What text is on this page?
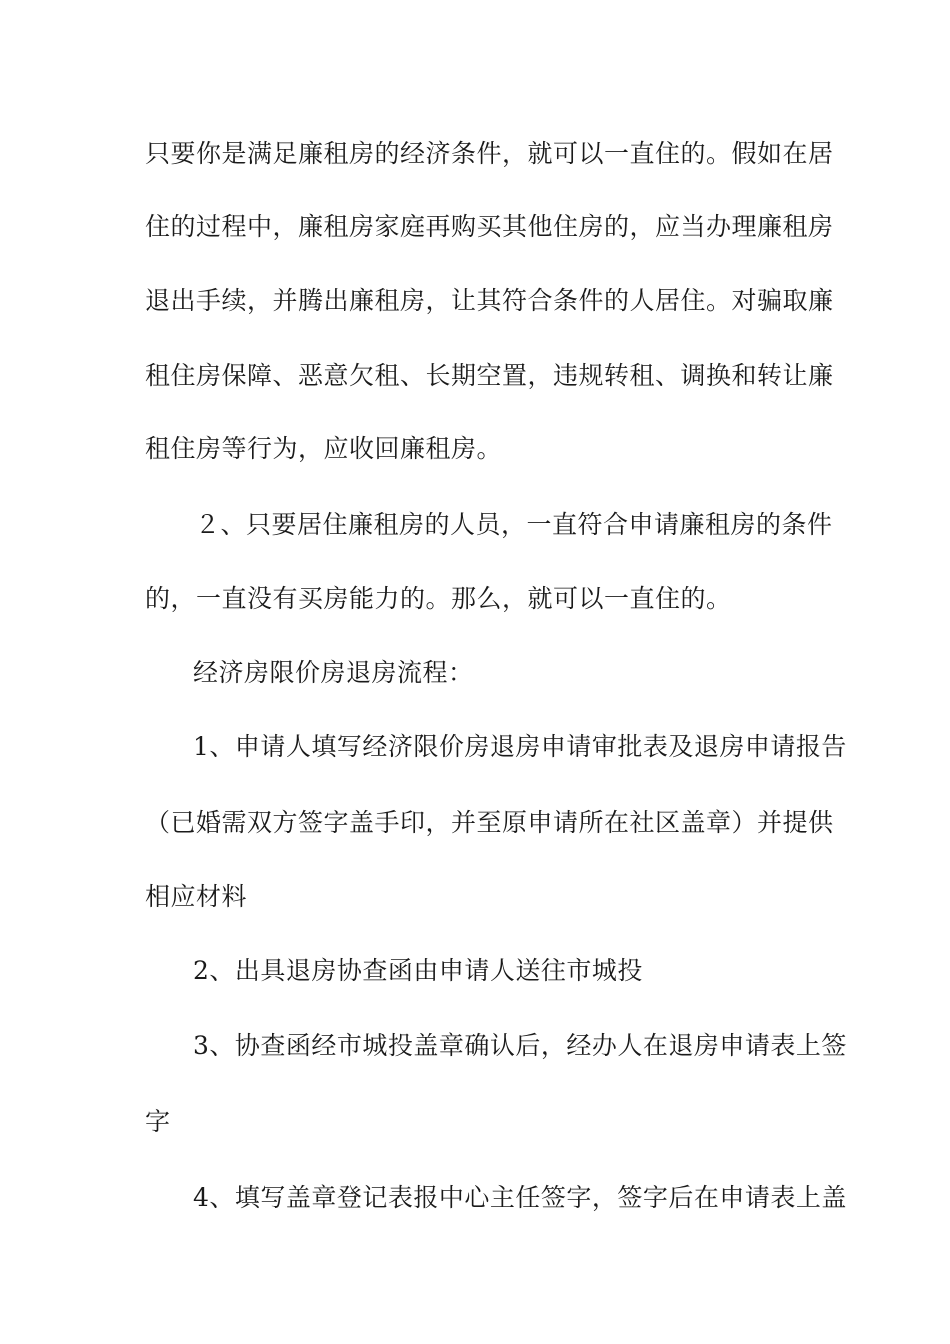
只要你是满足廉租房的经济条件，就可以一直住的。假如在居
住的过程中，廉租房家庭再购买其他住房的，应当办理廉租房
退出手续，并腾出廉租房，让其符合条件的人居住。对骗取廉
租住房保障、恶意欠租、长期空置，违规转租、调换和转让廉
租住房等行为，应收回廉租房。
２、只要居住廉租房的人员，一直符合申请廉租房的条件
的，一直没有买房能力的。那么，就可以一直住的。
经济房限价房退房流程：
1、申请人填写经济限价房退房申请审批表及退房申请报告
（已婚需双方签字盖手印，并至原申请所在社区盖章）并提供
相应材料
2、出具退房协查函由申请人送往市城投
3、协查函经市城投盖章确认后，经办人在退房申请表上签
字
4、填写盖章登记表报中心主任签字，签字后在申请表上盖
